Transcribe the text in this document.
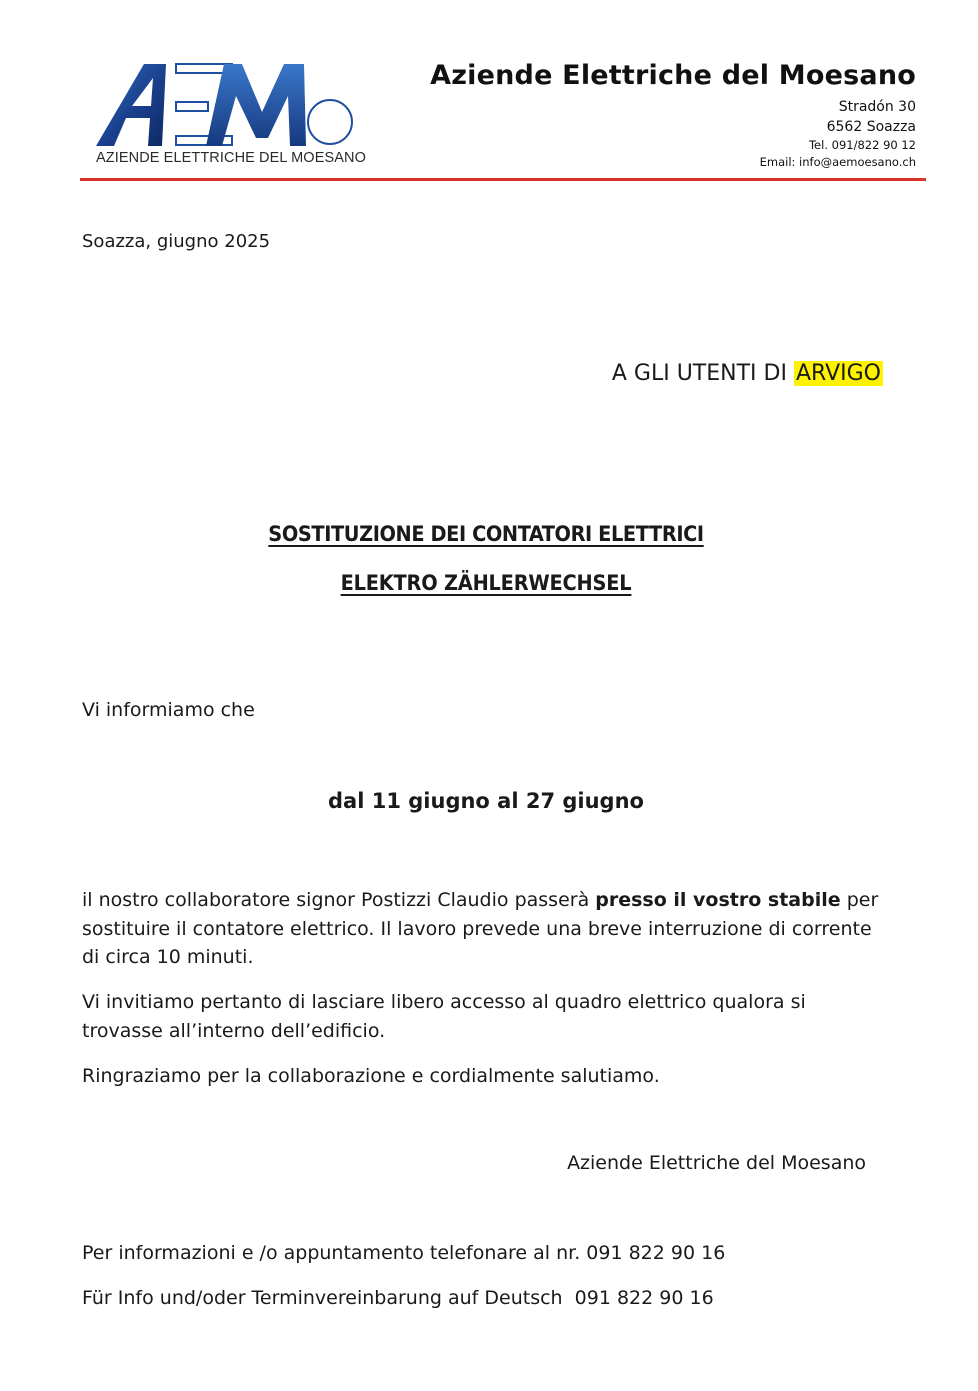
AZIENDE ELETTRICHE DEL MOESANO
Aziende Elettriche del Moesano
Stradón 30
6562 Soazza
Tel. 091/822 90 12
Email: info@aemoesano.ch
Soazza, giugno 2025
A GLI UTENTI DI ARVIGO
SOSTITUZIONE DEI CONTATORI ELETTRICI
ELEKTRO ZÄHLERWECHSEL
Vi informiamo che
dal 11 giugno al 27 giugno
il nostro collaboratore signor Postizzi Claudio passerà presso il vostro stabile per sostituire il contatore elettrico. Il lavoro prevede una breve interruzione di corrente di circa 10 minuti.
Vi invitiamo pertanto di lasciare libero accesso al quadro elettrico qualora si trovasse all’interno dell’edificio.
Ringraziamo per la collaborazione e cordialmente salutiamo.
Aziende Elettriche del Moesano
Per informazioni e /o appuntamento telefonare al nr. 091 822 90 16
Für Info und/oder Terminvereinbarung auf Deutsch  091 822 90 16
